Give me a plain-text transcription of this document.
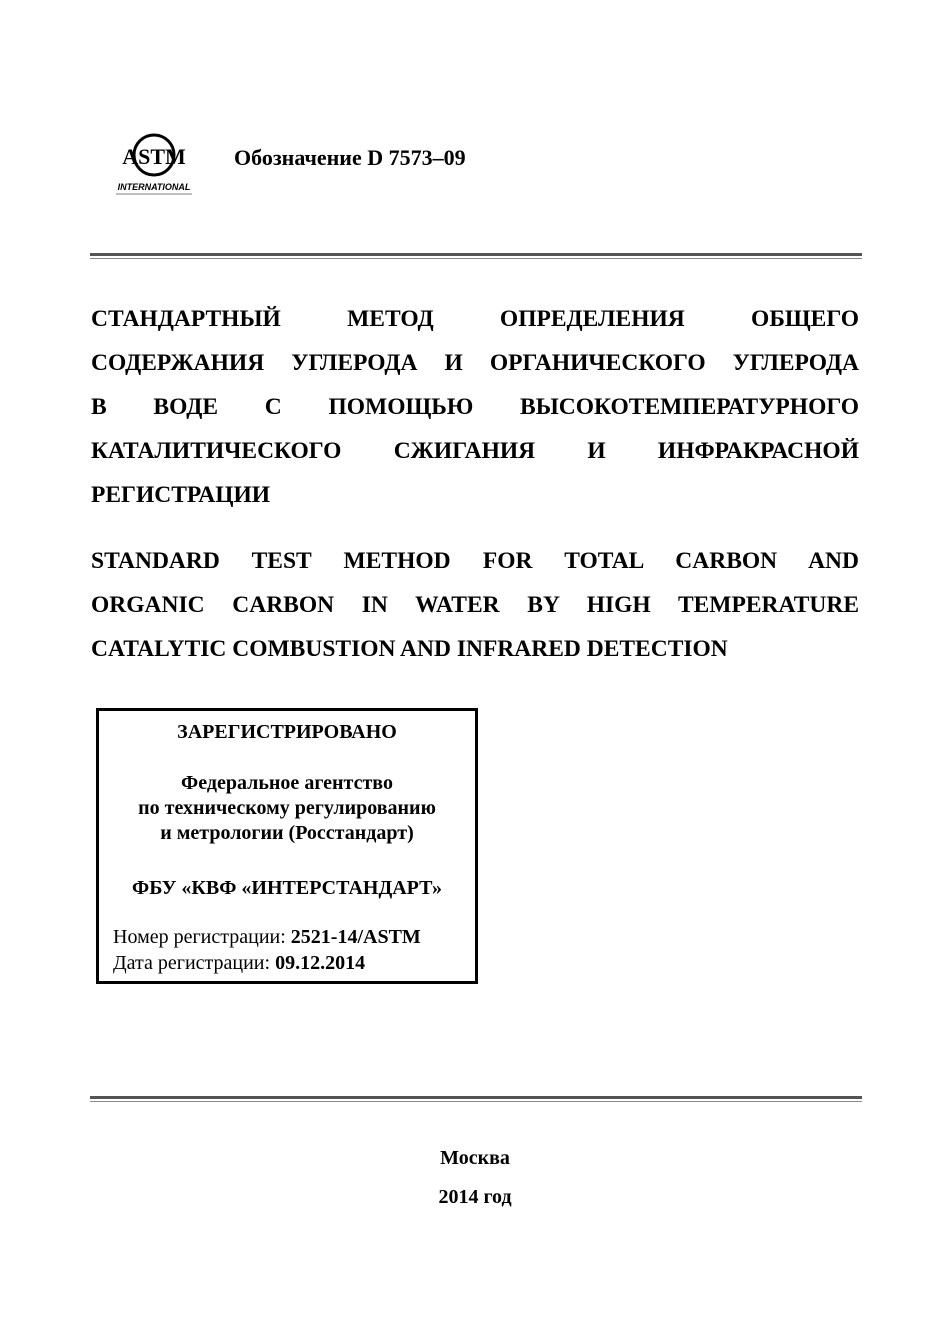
ASTM
INTERNATIONAL
Обозначение D 7573–09
СТАНДАРТНЫЙ МЕТОД ОПРЕДЕЛЕНИЯ ОБЩЕГО
СОДЕРЖАНИЯ УГЛЕРОДА И ОРГАНИЧЕСКОГО УГЛЕРОДА
В ВОДЕ С ПОМОЩЬЮ ВЫСОКОТЕМПЕРАТУРНОГО
КАТАЛИТИЧЕСКОГО СЖИГАНИЯ И ИНФРАКРАСНОЙ
РЕГИСТРАЦИИ
STANDARD TEST METHOD FOR TOTAL CARBON AND
ORGANIC CARBON IN WATER BY HIGH TEMPERATURE
CATALYTIC COMBUSTION AND INFRARED DETECTION
ЗАРЕГИСТРИРОВАНО
Федеральное агентство
по техническому регулированию
и метрологии (Росстандарт)
ФБУ «КВФ «ИНТЕРСТАНДАРТ»
Номер регистрации: 2521-14/ASTM
Дата регистрации: 09.12.2014
Москва
2014 год
